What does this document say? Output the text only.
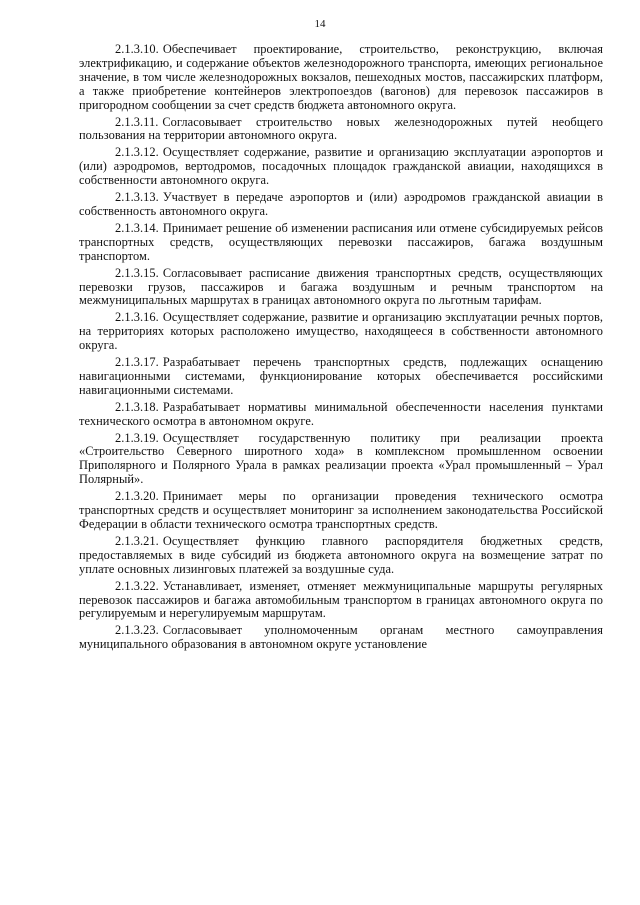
14

2.1.3.10. Обеспечивает проектирование, строительство, реконструкцию, включая электрификацию, и содержание объектов железнодорожного транспорта, имеющих региональное значение, в том числе железнодорожных вокзалов, пешеходных мостов, пассажирских платформ, а также приобретение контейнеров электропоездов (вагонов) для перевозок пассажиров в пригородном сообщении за счет средств бюджета автономного округа.

2.1.3.11. Согласовывает строительство новых железнодорожных путей необщего пользования на территории автономного округа.

2.1.3.12. Осуществляет содержание, развитие и организацию эксплуатации аэропортов и (или) аэродромов, вертодромов, посадочных площадок гражданской авиации, находящихся в собственности автономного округа.

2.1.3.13. Участвует в передаче аэропортов и (или) аэродромов гражданской авиации в собственность автономного округа.

2.1.3.14. Принимает решение об изменении расписания или отмене субсидируемых рейсов транспортных средств, осуществляющих перевозки пассажиров, багажа воздушным транспортом.

2.1.3.15. Согласовывает расписание движения транспортных средств, осуществляющих перевозки грузов, пассажиров и багажа воздушным и речным транспортом на межмуниципальных маршрутах в границах автономного округа по льготным тарифам.

2.1.3.16. Осуществляет содержание, развитие и организацию эксплуатации речных портов, на территориях которых расположено имущество, находящееся в собственности автономного округа.

2.1.3.17. Разрабатывает перечень транспортных средств, подлежащих оснащению навигационными системами, функционирование которых обеспечивается российскими навигационными системами.

2.1.3.18. Разрабатывает нормативы минимальной обеспеченности населения пунктами технического осмотра в автономном округе.

2.1.3.19. Осуществляет государственную политику при реализации проекта «Строительство Северного широтного хода» в комплексном промышленном освоении Приполярного и Полярного Урала в рамках реализации проекта «Урал промышленный – Урал Полярный».

2.1.3.20. Принимает меры по организации проведения технического осмотра транспортных средств и осуществляет мониторинг за исполнением законодательства Российской Федерации в области технического осмотра транспортных средств.

2.1.3.21. Осуществляет функцию главного распорядителя бюджетных средств, предоставляемых в виде субсидий из бюджета автономного округа на возмещение затрат по уплате основных лизинговых платежей за воздушные суда.

2.1.3.22. Устанавливает, изменяет, отменяет межмуниципальные маршруты регулярных перевозок пассажиров и багажа автомобильным транспортом в границах автономного округа по регулируемым и нерегулируемым маршрутам.

2.1.3.23. Согласовывает уполномоченным органам местного самоуправления муниципального образования в автономном округе установление
